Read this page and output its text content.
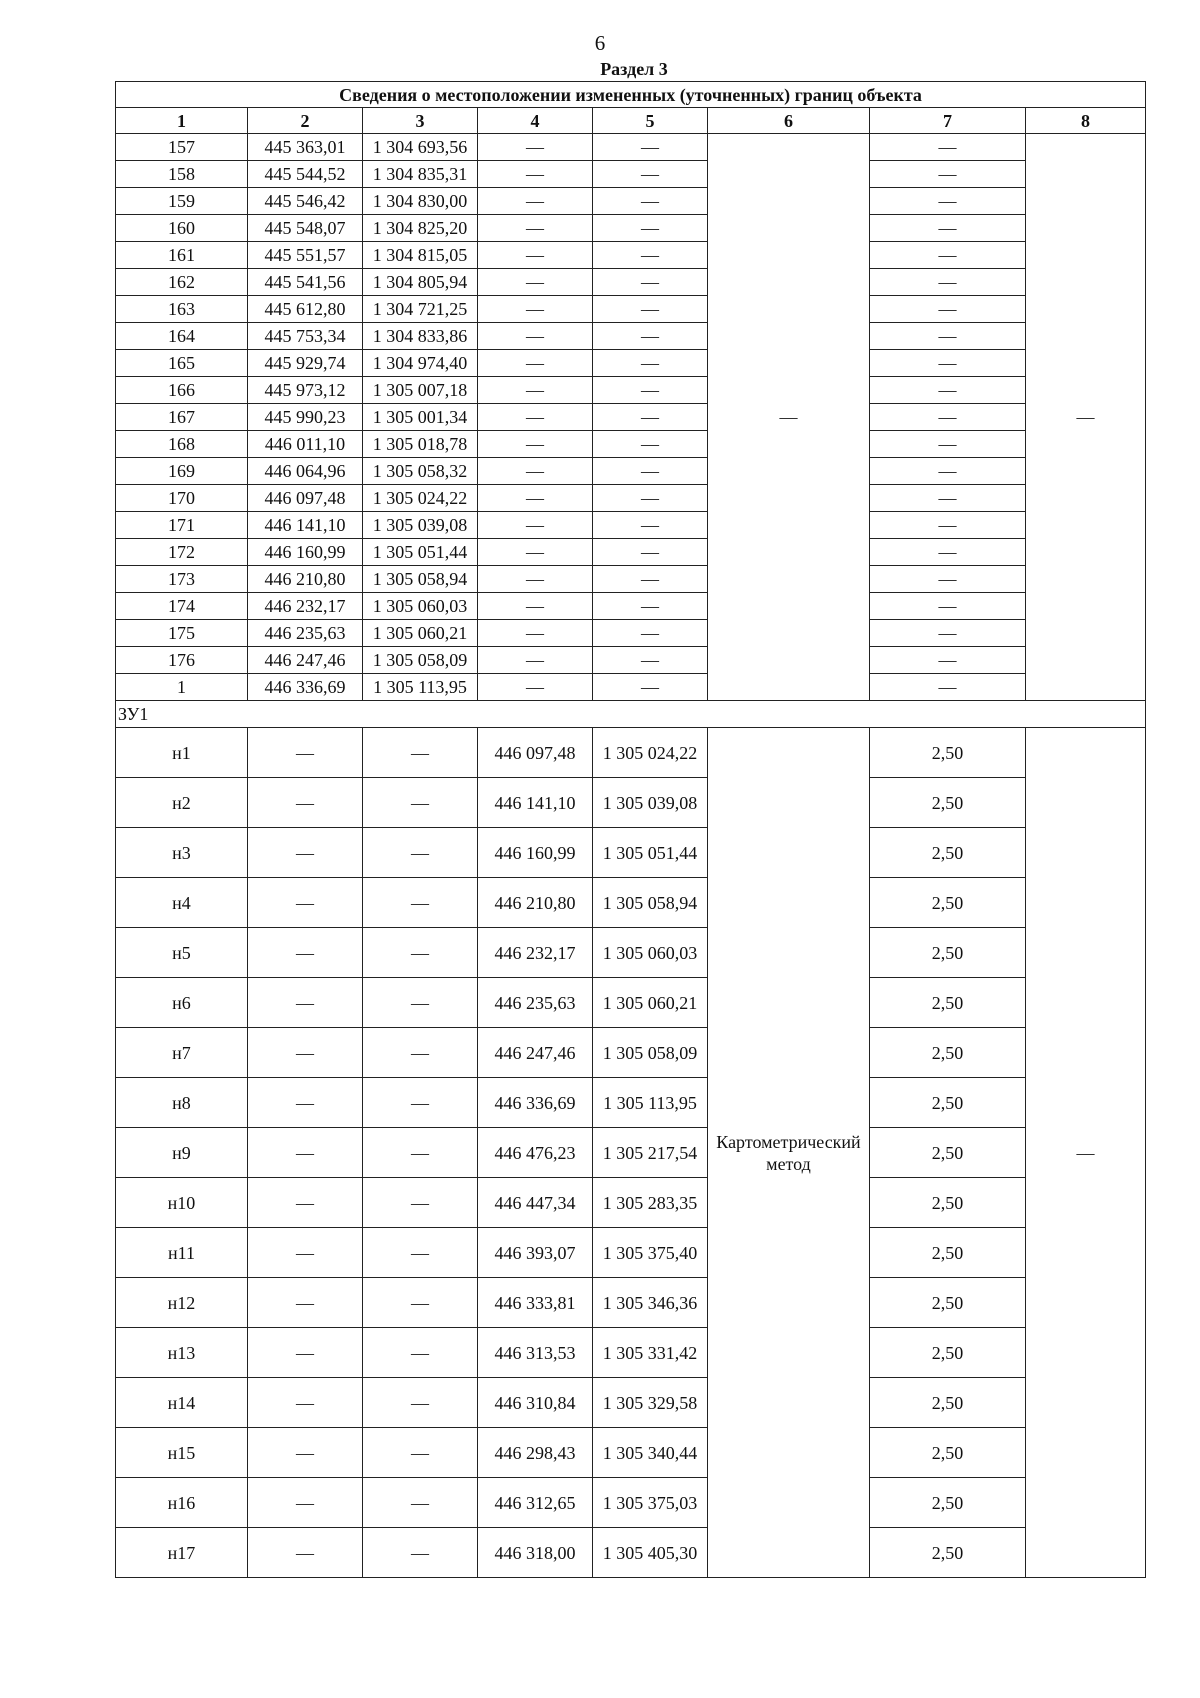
6
Раздел 3
Сведения о местоположении измененных (уточненных) границ объекта							
1	2	3	4	5	6	7	8
157	445 363,01	1 304 693,56	—	—	—	—	—
158	445 544,52	1 304 835,31	—	—		—	
159	445 546,42	1 304 830,00	—	—		—	
160	445 548,07	1 304 825,20	—	—		—	
161	445 551,57	1 304 815,05	—	—		—	
162	445 541,56	1 304 805,94	—	—		—	
163	445 612,80	1 304 721,25	—	—		—	
164	445 753,34	1 304 833,86	—	—		—	
165	445 929,74	1 304 974,40	—	—		—	
166	445 973,12	1 305 007,18	—	—		—	
167	445 990,23	1 305 001,34	—	—		—	
168	446 011,10	1 305 018,78	—	—		—	
169	446 064,96	1 305 058,32	—	—		—	
170	446 097,48	1 305 024,22	—	—		—	
171	446 141,10	1 305 039,08	—	—		—	
172	446 160,99	1 305 051,44	—	—		—	
173	446 210,80	1 305 058,94	—	—		—	
174	446 232,17	1 305 060,03	—	—		—	
175	446 235,63	1 305 060,21	—	—		—	
176	446 247,46	1 305 058,09	—	—		—	
1	446 336,69	1 305 113,95	—	—		—	
ЗУ1							
н1	—	—	446 097,48	1 305 024,22	Картометрический метод	2,50	—
н2	—	—	446 141,10	1 305 039,08		2,50	
н3	—	—	446 160,99	1 305 051,44		2,50	
н4	—	—	446 210,80	1 305 058,94		2,50	
н5	—	—	446 232,17	1 305 060,03		2,50	
н6	—	—	446 235,63	1 305 060,21		2,50	
н7	—	—	446 247,46	1 305 058,09		2,50	
н8	—	—	446 336,69	1 305 113,95		2,50	
н9	—	—	446 476,23	1 305 217,54		2,50	
н10	—	—	446 447,34	1 305 283,35		2,50	
н11	—	—	446 393,07	1 305 375,40		2,50	
н12	—	—	446 333,81	1 305 346,36		2,50	
н13	—	—	446 313,53	1 305 331,42		2,50	
н14	—	—	446 310,84	1 305 329,58		2,50	
н15	—	—	446 298,43	1 305 340,44		2,50	
н16	—	—	446 312,65	1 305 375,03		2,50	
н17	—	—	446 318,00	1 305 405,30		2,50	
